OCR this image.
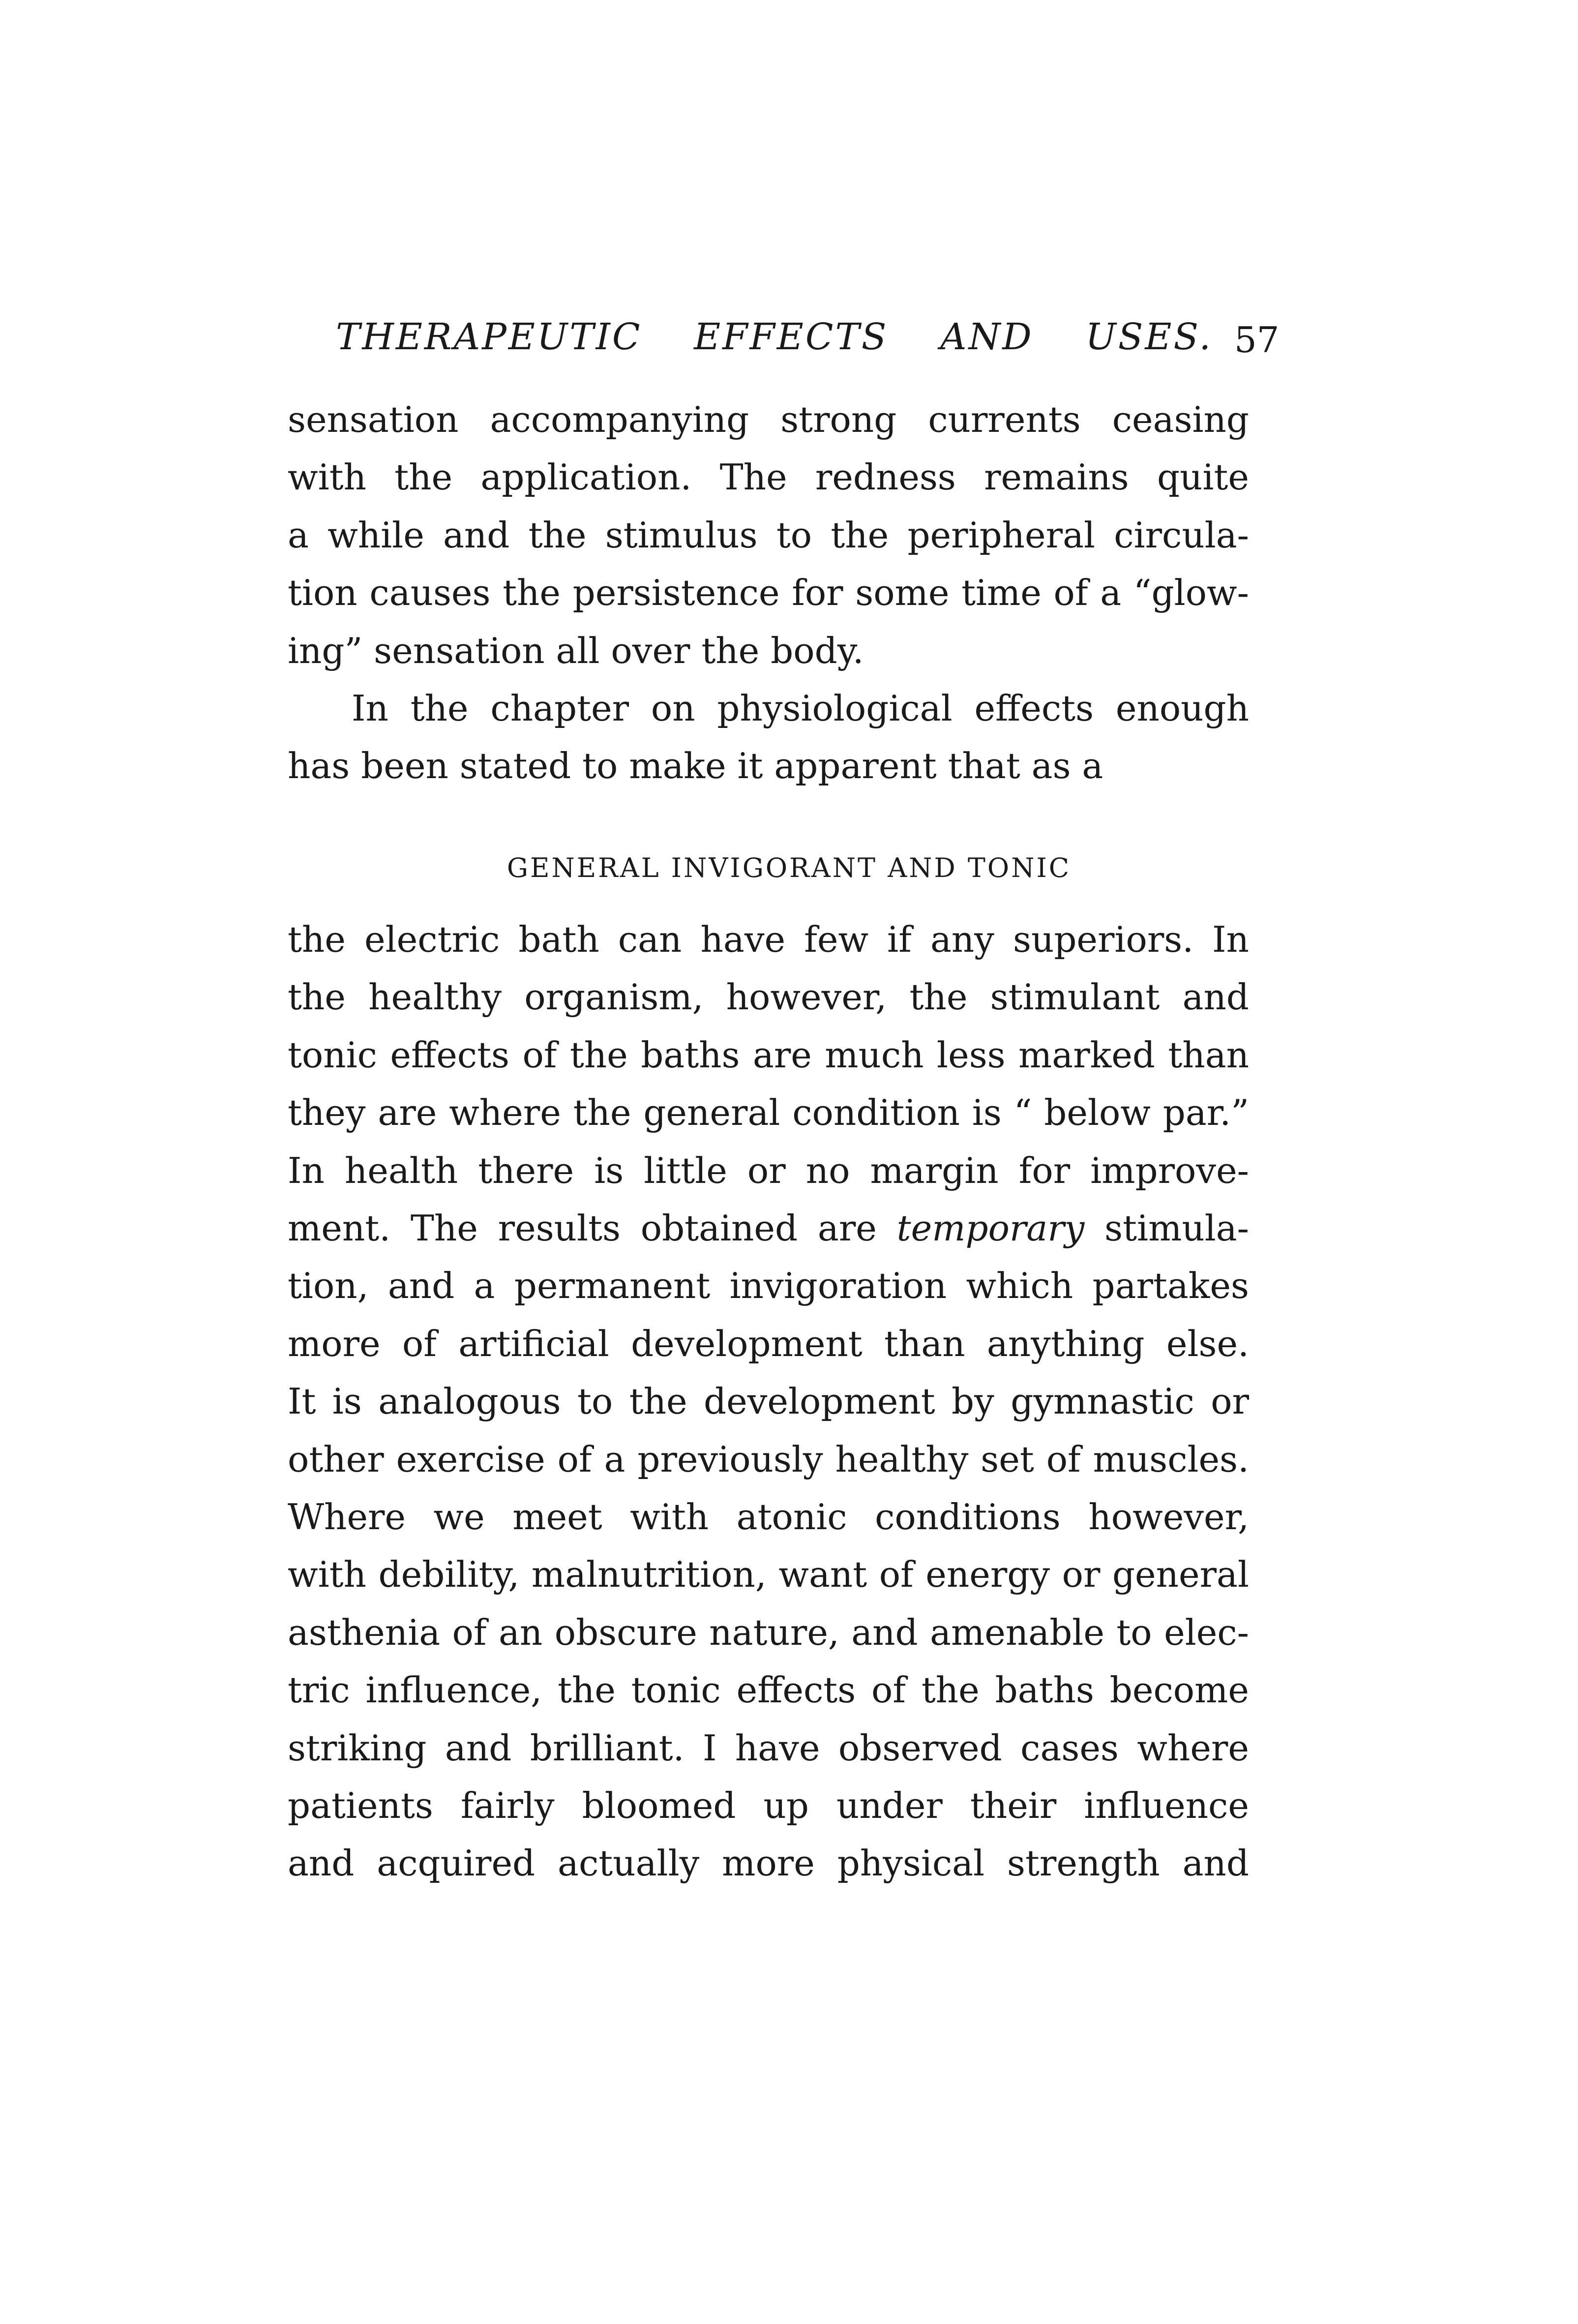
THERAPEUTIC EFFECTS AND USES. 57
GENERAL INVIGORANT AND TONIC
sensation accompanying strong currents ceasing
with the application. The redness remains quite
a while and the stimulus to the peripheral circula-
tion causes the persistence for some time of a “glow-
ing” sensation all over the body.
In the chapter on physiological effects enough
has been stated to make it apparent that as a
the electric bath can have few if any superiors. In
the healthy organism, however, the stimulant and
tonic effects of the baths are much less marked than
they are where the general condition is “ below par.”
In health there is little or no margin for improve-
ment. The results obtained are temporary stimula-
tion, and a permanent invigoration which partakes
more of artificial development than anything else.
It is analogous to the development by gymnastic or
other exercise of a previously healthy set of muscles.
Where we meet with atonic conditions however,
with debility, malnutrition, want of energy or general
asthenia of an obscure nature, and amenable to elec-
tric influence, the tonic effects of the baths become
striking and brilliant. I have observed cases where
patients fairly bloomed up under their influence
and acquired actually more physical strength and
